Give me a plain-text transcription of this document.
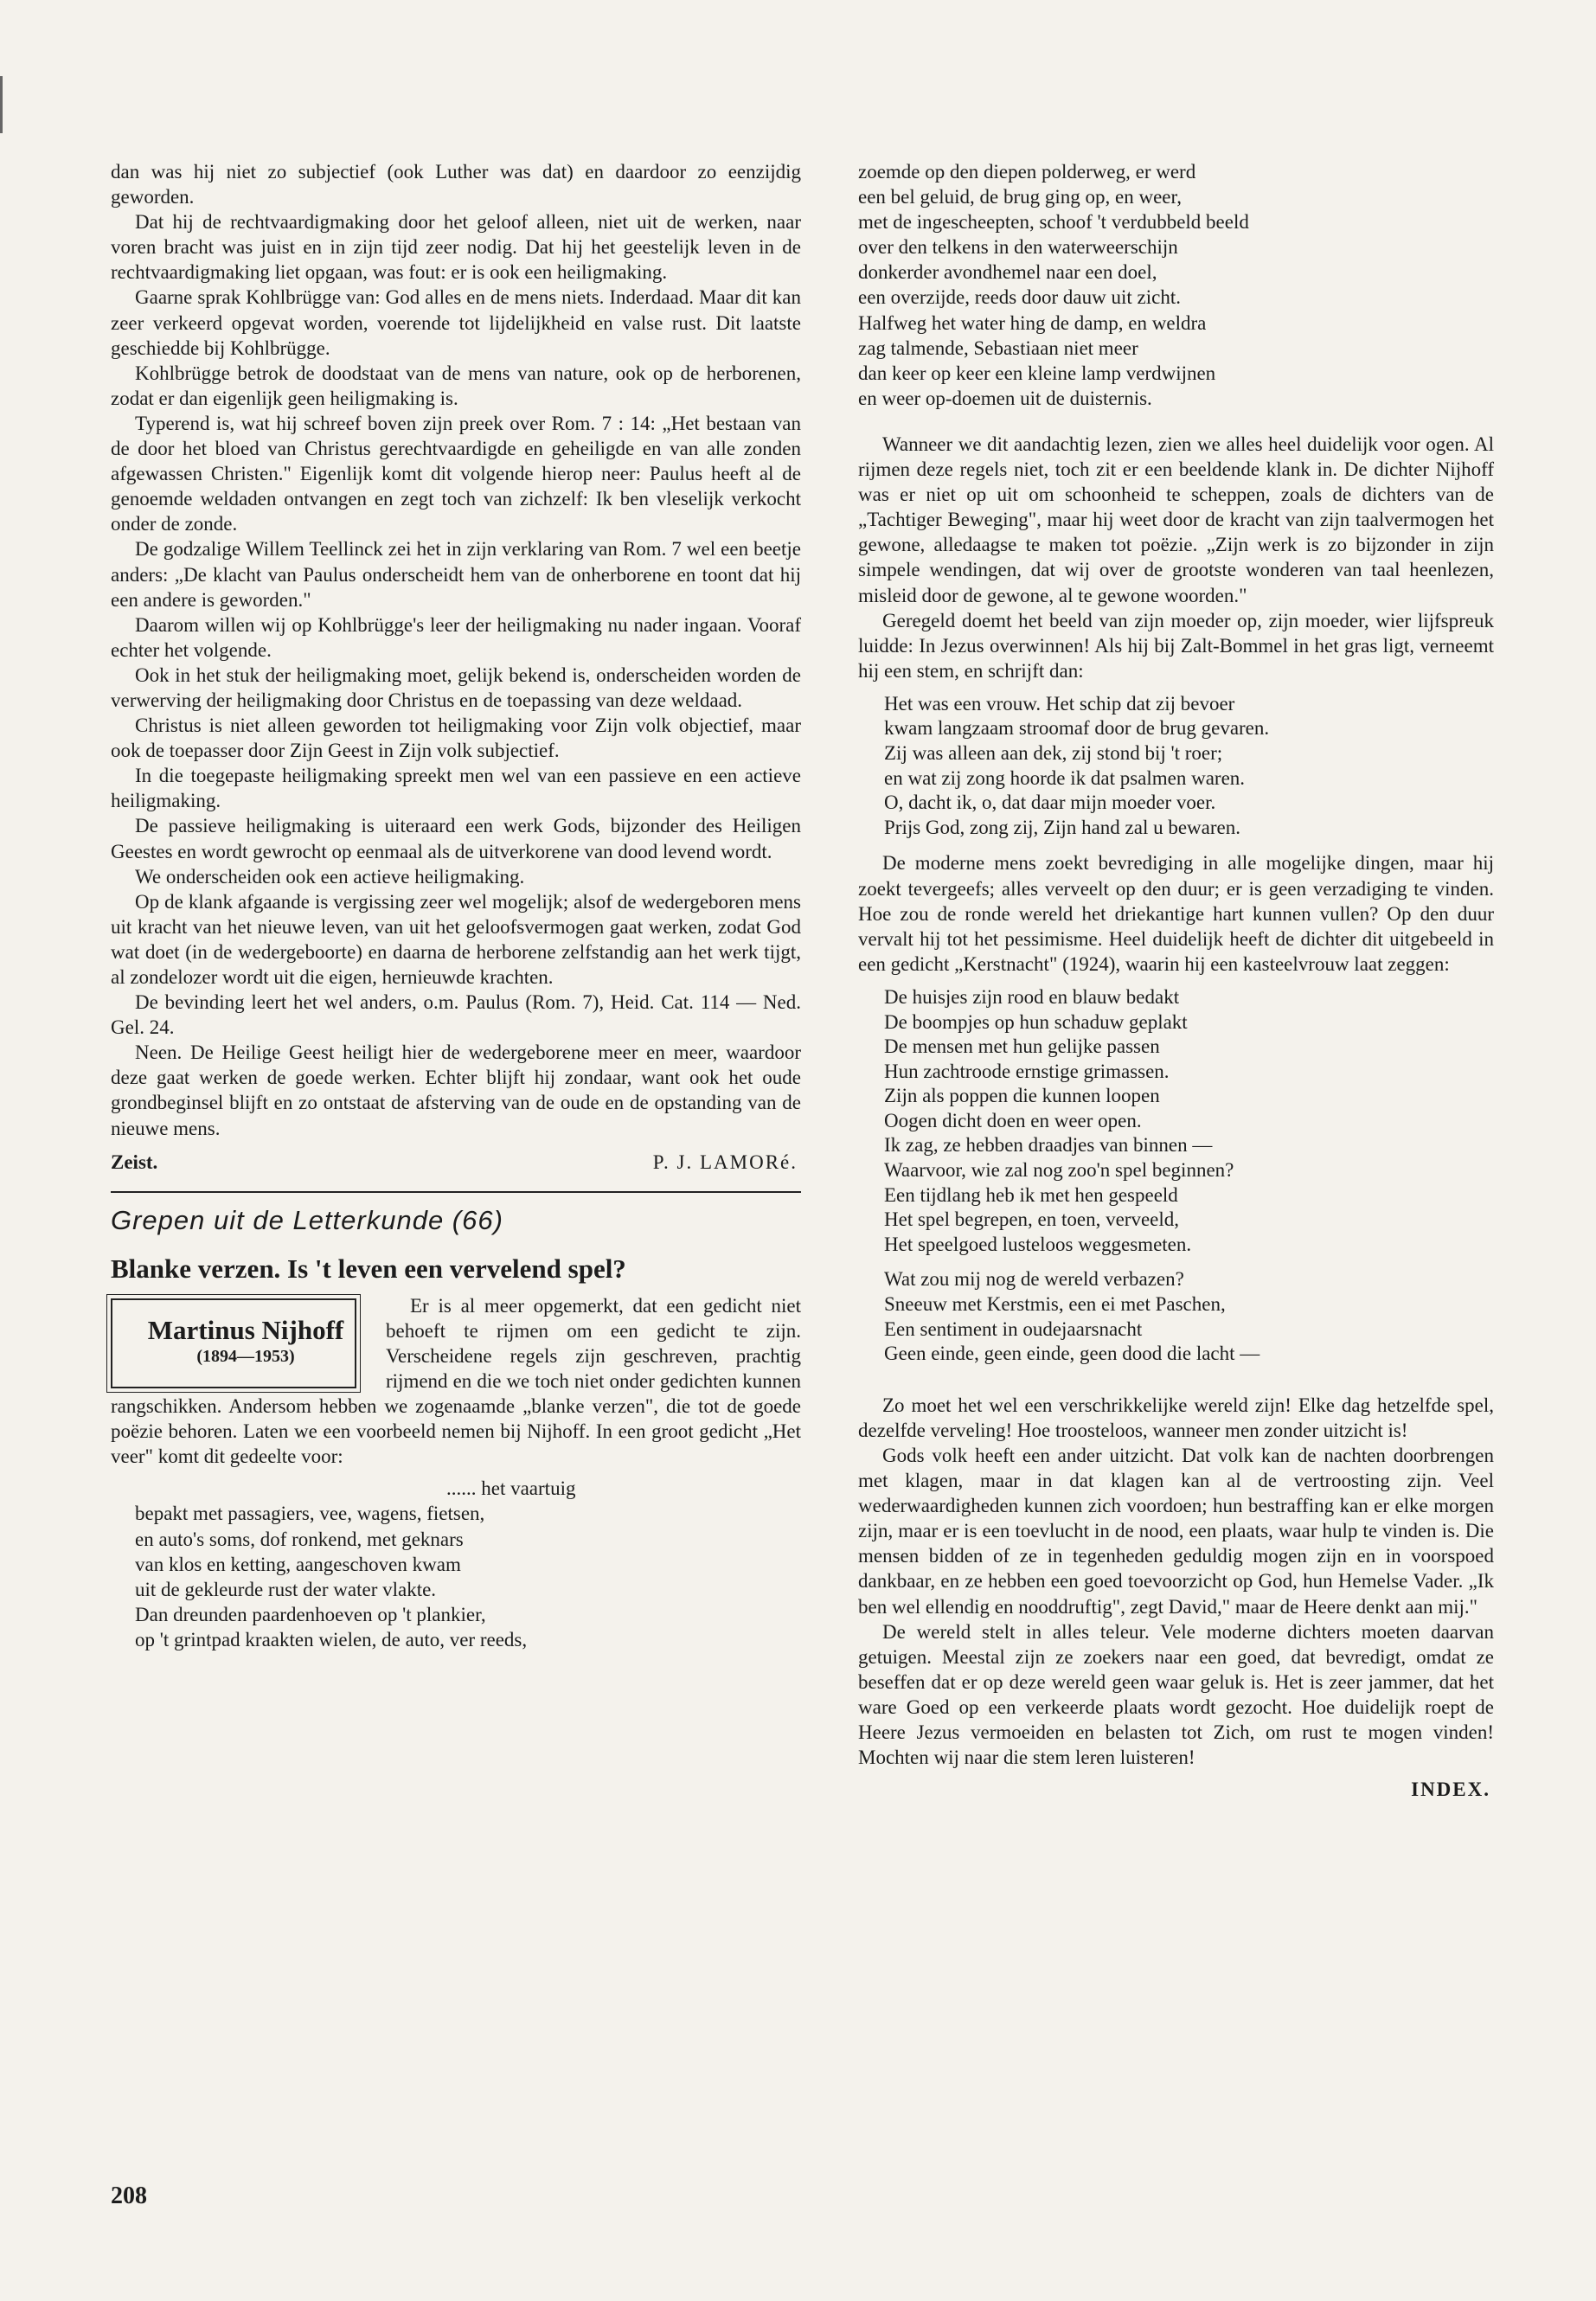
dan was hij niet zo subjectief (ook Luther was dat) en daardoor zo eenzijdig geworden.

Dat hij de rechtvaardigmaking door het geloof alleen, niet uit de werken, naar voren bracht was juist en in zijn tijd zeer nodig. Dat hij het geestelijk leven in de rechtvaardigmaking liet opgaan, was fout: er is ook een heiligmaking.

Gaarne sprak Kohlbrügge van: God alles en de mens niets. Inderdaad. Maar dit kan zeer verkeerd opgevat worden, voerende tot lijdelijkheid en valse rust. Dit laatste geschiedde bij Kohlbrügge.

Kohlbrügge betrok de doodstaat van de mens van nature, ook op de herborenen, zodat er dan eigenlijk geen heiligmaking is.

Typerend is, wat hij schreef boven zijn preek over Rom. 7 : 14: „Het bestaan van de door het bloed van Christus gerechtvaardigde en geheiligde en van alle zonden afgewassen Christen." Eigenlijk komt dit volgende hierop neer: Paulus heeft al de genoemde weldaden ontvangen en zegt toch van zichzelf: Ik ben vleselijk verkocht onder de zonde.

De godzalige Willem Teellinck zei het in zijn verklaring van Rom. 7 wel een beetje anders: „De klacht van Paulus onderscheidt hem van de onherborene en toont dat hij een andere is geworden."

Daarom willen wij op Kohlbrügge's leer der heiligmaking nu nader ingaan. Vooraf echter het volgende.

Ook in het stuk der heiligmaking moet, gelijk bekend is, onderscheiden worden de verwerving der heiligmaking door Christus en de toepassing van deze weldaad.

Christus is niet alleen geworden tot heiligmaking voor Zijn volk objectief, maar ook de toepasser door Zijn Geest in Zijn volk subjectief.

In die toegepaste heiligmaking spreekt men wel van een passieve en een actieve heiligmaking.

De passieve heiligmaking is uiteraard een werk Gods, bijzonder des Heiligen Geestes en wordt gewrocht op eenmaal als de uitverkorene van dood levend wordt.

We onderscheiden ook een actieve heiligmaking.

Op de klank afgaande is vergissing zeer wel mogelijk; alsof de wedergeboren mens uit kracht van het nieuwe leven, van uit het geloofsvermogen gaat werken, zodat God wat doet (in de wedergeboorte) en daarna de herborene zelfstandig aan het werk tijgt, al zondelozer wordt uit die eigen, hernieuwde krachten.

De bevinding leert het wel anders, o.m. Paulus (Rom. 7), Heid. Cat. 114 — Ned. Gel. 24.

Neen. De Heilige Geest heiligt hier de wedergeborene meer en meer, waardoor deze gaat werken de goede werken. Echter blijft hij zondaar, want ook het oude grondbeginsel blijft en zo ontstaat de afsterving van de oude en de opstanding van de nieuwe mens.

Zeist.	P. J. LAMORé.
Grepen uit de Letterkunde (66)
Blanke verzen. Is 't leven een vervelend spel?

Martinus Nijhoff
(1894—1953)
Er is al meer opgemerkt, dat een gedicht niet behoeft te rijmen om een gedicht te zijn. Verscheidene regels zijn geschreven, prachtig rijmend en die we toch niet onder gedichten kunnen rangschikken. Andersom hebben we zogenaamde „blanke verzen", die tot de goede poëzie behoren. Laten we een voorbeeld nemen bij Nijhoff. In een groot gedicht „Het veer" komt dit gedeelte voor:

...... het vaartuig
bepakt met passagiers, vee, wagens, fietsen,
en auto's soms, dof ronkend, met geknars
van klos en ketting, aangeschoven kwam
uit de gekleurde rust der water vlakte.
Dan dreunden paardenhoeven op 't plankier,
op 't grintpad kraakten wielen, de auto, ver reeds,
zoemde op den diepen polderweg, er werd
een bel geluid, de brug ging op, en weer,
met de ingescheepten, schoof 't verdubbeld beeld
over den telkens in den waterweerschijn
donkerder avondhemel naar een doel,
een overzijde, reeds door dauw uit zicht.
Halfweg het water hing de damp, en weldra
zag talmende, Sebastiaan niet meer
dan keer op keer een kleine lamp verdwijnen
en weer op-doemen uit de duisternis.

Wanneer we dit aandachtig lezen, zien we alles heel duidelijk voor ogen. Al rijmen deze regels niet, toch zit er een beeldende klank in. De dichter Nijhoff was er niet op uit om schoonheid te scheppen, zoals de dichters van de „Tachtiger Beweging", maar hij weet door de kracht van zijn taalvermogen het gewone, alledaagse te maken tot poëzie. „Zijn werk is zo bijzonder in zijn simpele wendingen, dat wij over de grootste wonderen van taal heenlezen, misleid door de gewone, al te gewone woorden."

Geregeld doemt het beeld van zijn moeder op, zijn moeder, wier lijfspreuk luidde: In Jezus overwinnen! Als hij bij Zalt-Bommel in het gras ligt, verneemt hij een stem, en schrijft dan:

Het was een vrouw. Het schip dat zij bevoer
kwam langzaam stroomaf door de brug gevaren.
Zij was alleen aan dek, zij stond bij 't roer;
en wat zij zong hoorde ik dat psalmen waren.
O, dacht ik, o, dat daar mijn moeder voer.
Prijs God, zong zij, Zijn hand zal u bewaren.

De moderne mens zoekt bevrediging in alle mogelijke dingen, maar hij zoekt tevergeefs; alles verveelt op den duur; er is geen verzadiging te vinden. Hoe zou de ronde wereld het driekantige hart kunnen vullen? Op den duur vervalt hij tot het pessimisme. Heel duidelijk heeft de dichter dit uitgebeeld in een gedicht „Kerstnacht" (1924), waarin hij een kasteelvrouw laat zeggen:

De huisjes zijn rood en blauw bedakt
De boompjes op hun schaduw geplakt
De mensen met hun gelijke passen
Hun zachtroode ernstige grimassen.
Zijn als poppen die kunnen loopen
Oogen dicht doen en weer open.
Ik zag, ze hebben draadjes van binnen —
Waarvoor, wie zal nog zoo'n spel beginnen?
Een tijdlang heb ik met hen gespeeld
Het spel begrepen, en toen, verveeld,
Het speelgoed lusteloos weggesmeten.
Wat zou mij nog de wereld verbazen?
Sneeuw met Kerstmis, een ei met Paschen,
Een sentiment in oudejaarsnacht
Geen einde, geen einde, geen dood die lacht —

Zo moet het wel een verschrikkelijke wereld zijn! Elke dag hetzelfde spel, dezelfde verveling! Hoe troosteloos, wanneer men zonder uitzicht is!

Gods volk heeft een ander uitzicht. Dat volk kan de nachten doorbrengen met klagen, maar in dat klagen kan al de vertroosting zijn. Veel wederwaardigheden kunnen zich voordoen; hun bestraffing kan er elke morgen zijn, maar er is een toevlucht in de nood, een plaats, waar hulp te vinden is. Die mensen bidden of ze in tegenheden geduldig mogen zijn en in voorspoed dankbaar, en ze hebben een goed toevoorzicht op God, hun Hemelse Vader. „Ik ben wel ellendig en nooddruftig", zegt David," maar de Heere denkt aan mij."

De wereld stelt in alles teleur. Vele moderne dichters moeten daarvan getuigen. Meestal zijn ze zoekers naar een goed, dat bevredigt, omdat ze beseffen dat er op deze wereld geen waar geluk is. Het is zeer jammer, dat het ware Goed op een verkeerde plaats wordt gezocht. Hoe duidelijk roept de Heere Jezus vermoeiden en belasten tot Zich, om rust te mogen vinden! Mochten wij naar die stem leren luisteren!

INDEX.
208
